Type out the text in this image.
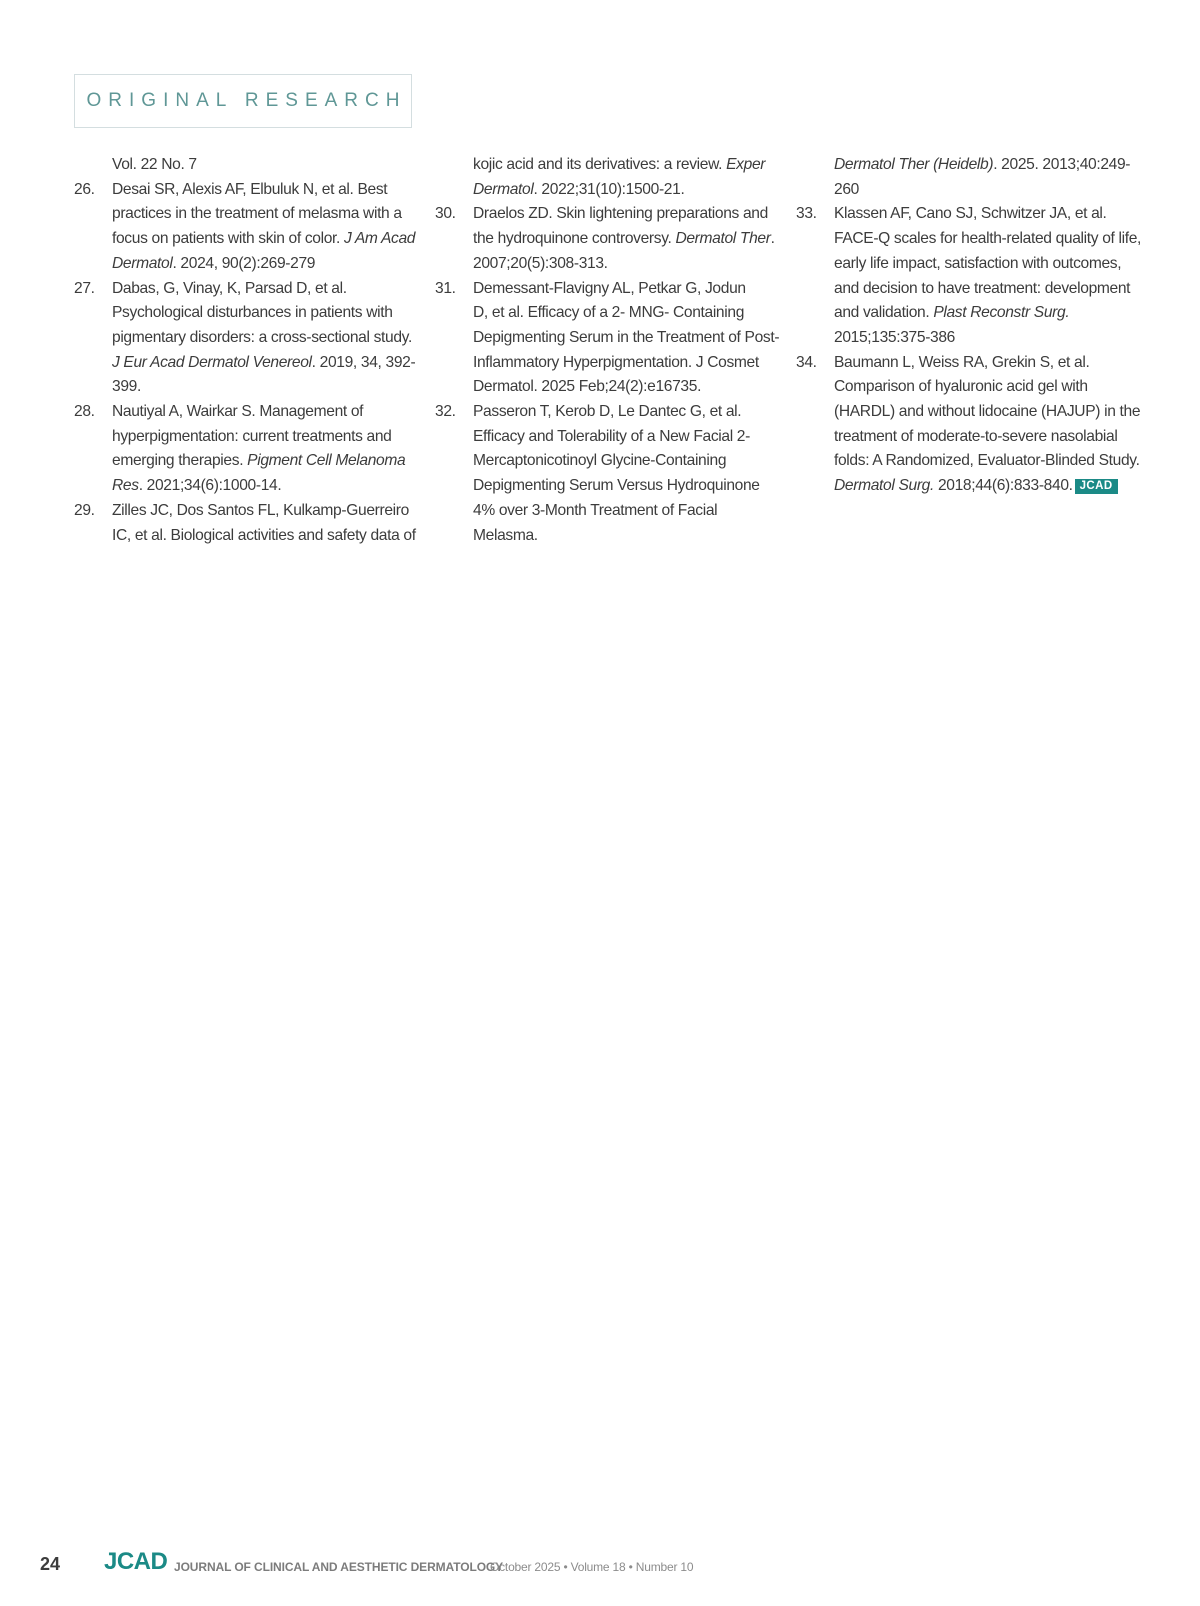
ORIGINAL RESEARCH
Vol. 22 No. 7
26. Desai SR, Alexis AF, Elbuluk N, et al. Best practices in the treatment of melasma with a focus on patients with skin of color. J Am Acad Dermatol. 2024, 90(2):269-279
27. Dabas, G, Vinay, K, Parsad D, et al. Psychological disturbances in patients with pigmentary disorders: a cross-sectional study. J Eur Acad Dermatol Venereol. 2019, 34, 392-399.
28. Nautiyal A, Wairkar S. Management of hyperpigmentation: current treatments and emerging therapies. Pigment Cell Melanoma Res. 2021;34(6):1000-14.
29. Zilles JC, Dos Santos FL, Kulkamp-Guerreiro IC, et al. Biological activities and safety data of
kojic acid and its derivatives: a review. Exper Dermatol. 2022;31(10):1500-21.
30. Draelos ZD. Skin lightening preparations and the hydroquinone controversy. Dermatol Ther. 2007;20(5):308-313.
31. Demessant-Flavigny AL, Petkar G, Jodun
D, et al. Efficacy of a 2- MNG- Containing Depigmenting Serum in the Treatment of Post-Inflammatory Hyperpigmentation. J Cosmet Dermatol. 2025 Feb;24(2):e16735.
32. Passeron T, Kerob D, Le Dantec G, et al.
Efficacy and Tolerability of a New Facial 2-Mercaptonicotinoyl Glycine-Containing Depigmenting Serum Versus Hydroquinone 4% over 3-Month Treatment of Facial Melasma.
Dermatol Ther (Heidelb). 2025. 2013;40:249-260
33. Klassen AF, Cano SJ, Schwitzer JA, et al. FACE-Q scales for health-related quality of life, early life impact, satisfaction with outcomes, and decision to have treatment: development and validation. Plast Reconstr Surg. 2015;135:375-386
34. Baumann L, Weiss RA, Grekin S, et al.
Comparison of hyaluronic acid gel with (HARDL) and without lidocaine (HAJUP) in the treatment of moderate-to-severe nasolabial folds: A Randomized, Evaluator-Blinded Study. Dermatol Surg. 2018;44(6):833-840. JCAD
24 JCAD JOURNAL OF CLINICAL AND AESTHETIC DERMATOLOGY
October 2025 • Volume 18 • Number 10
